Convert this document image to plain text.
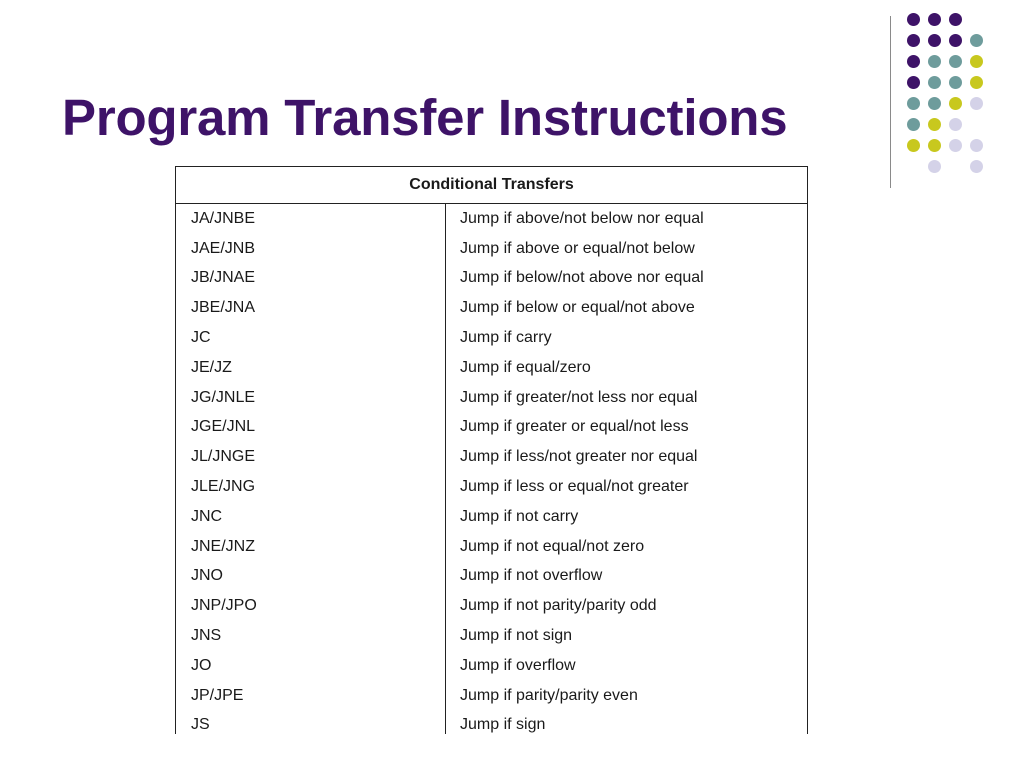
Program Transfer Instructions
Conditional Transfers	
JA/JNBE	Jump if above/not below nor equal
JAE/JNB	Jump if above or equal/not below
JB/JNAE	Jump if below/not above nor equal
JBE/JNA	Jump if below or equal/not above
JC	Jump if carry
JE/JZ	Jump if equal/zero
JG/JNLE	Jump if greater/not less nor equal
JGE/JNL	Jump if greater or equal/not less
JL/JNGE	Jump if less/not greater nor equal
JLE/JNG	Jump if less or equal/not greater
JNC	Jump if not carry
JNE/JNZ	Jump if not equal/not zero
JNO	Jump if not overflow
JNP/JPO	Jump if not parity/parity odd
JNS	Jump if not sign
JO	Jump if overflow
JP/JPE	Jump if parity/parity even
JS	Jump if sign
